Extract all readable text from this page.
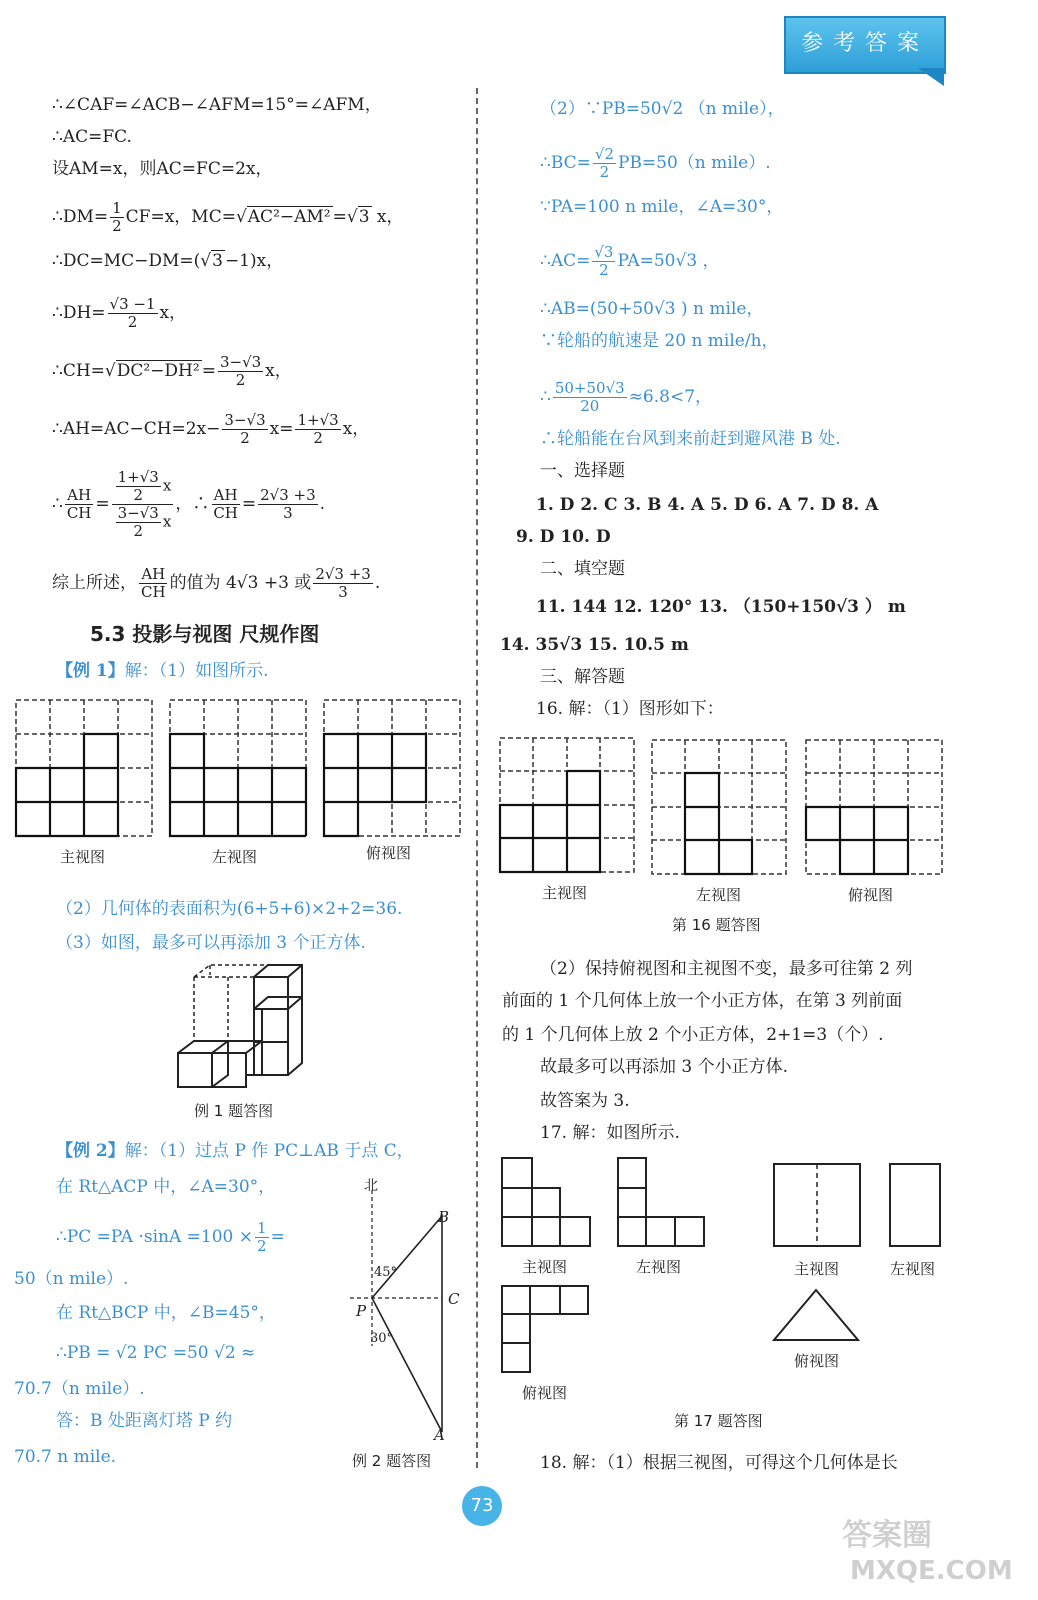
参考答案
∴∠CAF=∠ACB−∠AFM=15°=∠AFM，
∴AC=FC.
设AM=x，则AC=FC=2x，
∴DM= $\frac{1}{2} CF=x$，MC=√AC²−AM² =√3 x，
∴DC=MC−DM=(√3 −1)x，
∴DH= $\frac{√3 -1}{2}$ x，
∴CH=√DC²−DH² = $\frac{3-√3}{2}$ x，
∴AH=AC−CH=2x− $\frac{3-√3}{2} x= \frac{1+√3}{2}$ x，
∴ $\frac{AH}{CH} = \frac{\frac{1+√3}{2} x}{\frac{3-√3}{2} x}$ ，∴ $\frac{AH}{CH} = \frac{2√3 +3}{3}$ .
综上所述， $\frac{AH}{CH}$ 的值为 4√3 +3 或 $\frac{2√3 +3}{3}$ .
5.3 投影与视图 尺规作图
【例 1】解：（1）如图所示.
主视图	左视图	俯视图
（2）几何体的表面积为(6+5+6)×2+2=36.
（3）如图，最多可以再添加 3 个正方体.
例 1 题答图
【例 2】解：（1）过点 P 作 PC⊥AB 于点 C，
在 Rt△ACP 中，∠A=30°，
∴PC $=PA \cdot\sin A =100 \times \frac{1}{2}$ =
50（n mile）.
在 Rt△BCP 中，∠B=45°，
∴PB = √2 PC =50 √2 ≈
70.7（n mile）.
答：B 处距离灯塔 P 约
70.7 n mile.
北
B
C
P
A
45°
30°
例 2 题答图
（2）∵PB=50√2 （n mile），
∴BC= $\frac{√2}{2} PB=50(n$ mile）.
∵PA=100 n mile，∠A=30°，
∴AC= $\frac{√3}{2} PA=50√3$ ，
∴AB=(50+50√3 ) n mile，
∵轮船的航速是 20 n mile/h，
∴ $\frac{50+50√3}{20} \approx 6.8<7$，
∴轮船能在台风到来前赶到避风港 B 处.
一、选择题
1. D 2. C 3. B 4. A 5. D 6. A 7. D 8. A
9. D 10. D
二、填空题
11. 144 12. 120° 13. （150+150√3 ） m
14. 35√3 15. 10.5 m
三、解答题
16. 解：（1）图形如下：
主视图	左视图	俯视图
第 16 题答图
（2）保持俯视图和主视图不变，最多可往第 2 列
前面的 1 个几何体上放一个小正方体，在第 3 列前面
的 1 个几何体上放 2 个小正方体，2+1=3（个）.
故最多可以再添加 3 个小正方体.
故答案为 3.
17. 解：如图所示.
主视图	左视图	主视图	左视图
俯视图
俯视图
第 17 题答图
18. 解：（1）根据三视图，可得这个几何体是长
73
答案圈
MXQE.COM
